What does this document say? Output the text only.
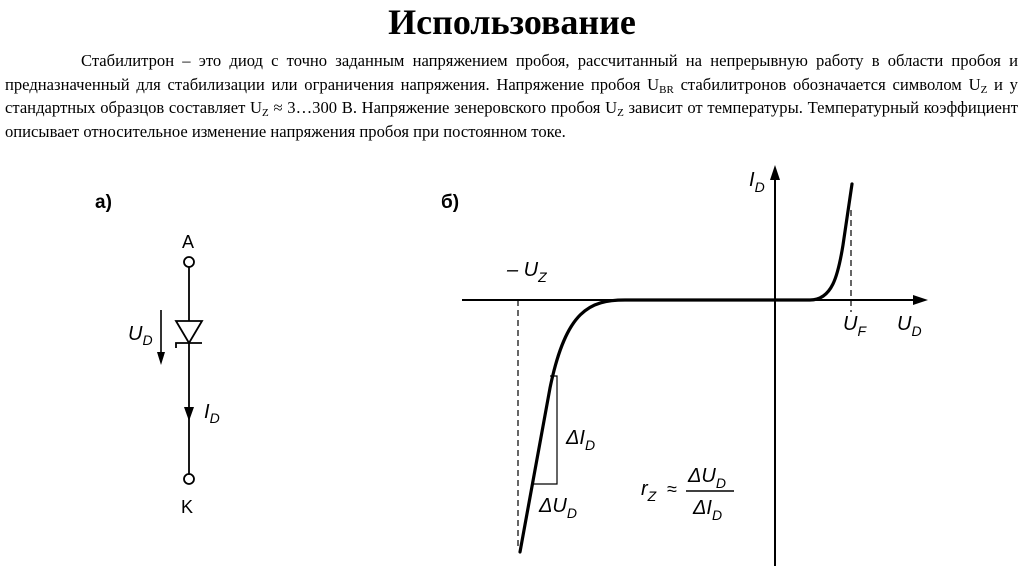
Использование

Стабилитрон – это диод с точно заданным напряжением пробоя, рассчитанный на непрерывную работу в области пробоя и предназначенный для стабилизации или ограничения напряжения. Напряжение пробоя $U_{BR}$ стабилитронов обозначается символом $U_Z$ и у стандартных образцов составляет $U_Z$ ≈ 3…300 В. Напряжение зенеровского пробоя $U_Z$ зависит от температуры. Температурный коэффициент описывает относительное изменение напряжения пробоя при постоянном токе.

а)
A
K
UD
ID
б)
ID
UD
– UZ
UF
ΔID
ΔUD
rZ ≈
ΔUD
ΔID
